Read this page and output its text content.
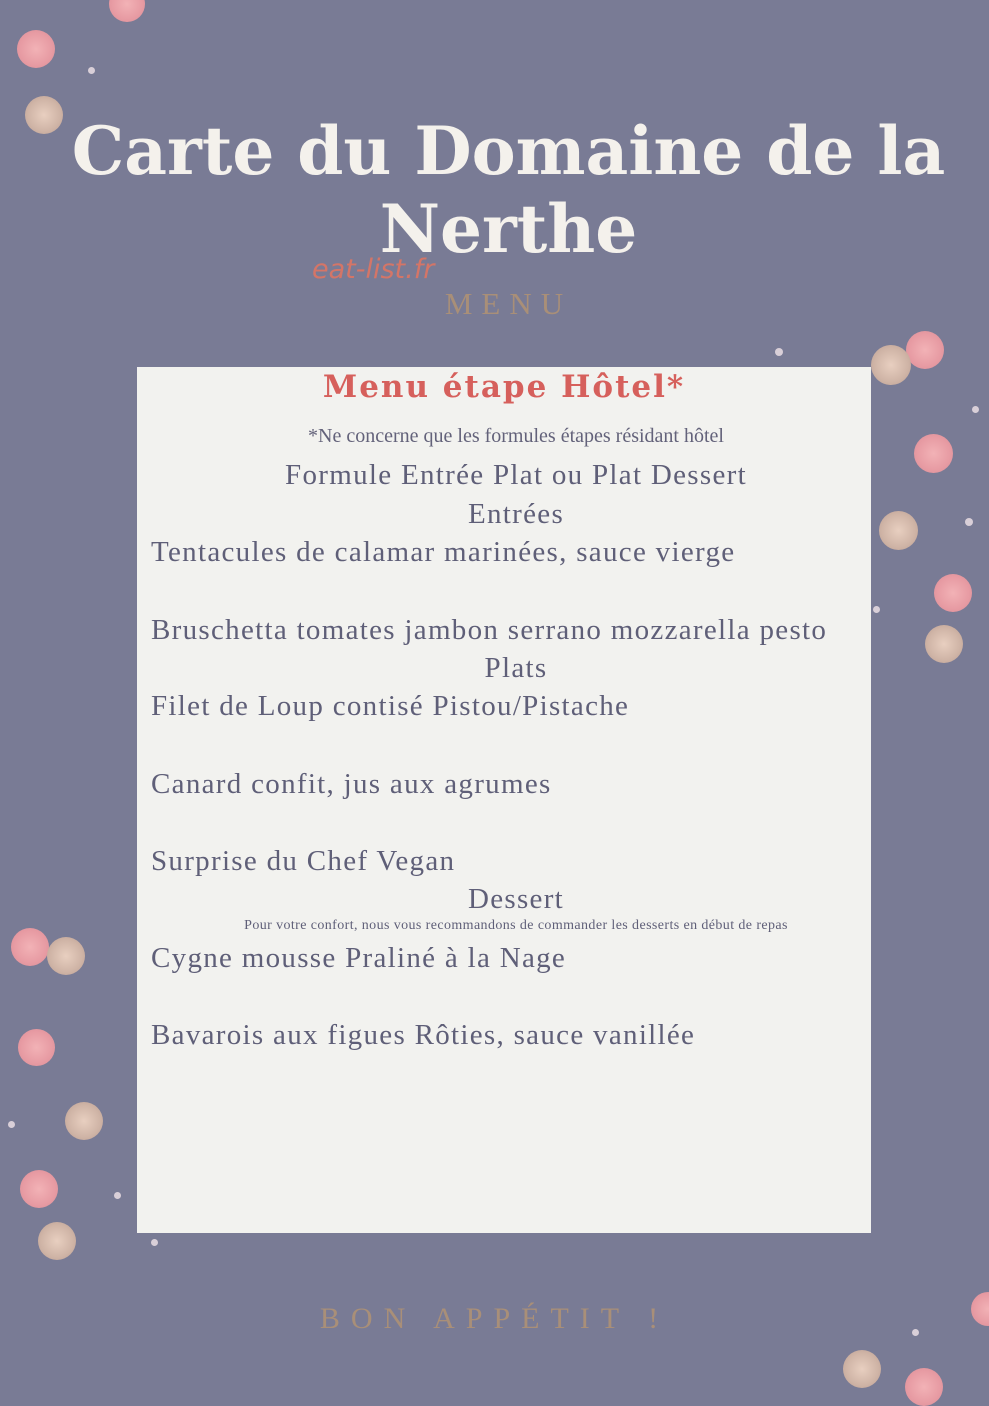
Carte du Domaine de la Nerthe
eat-list.fr
MENU
Menu étape Hôtel*
*Ne concerne que les formules étapes résidant hôtel
Formule Entrée Plat ou Plat Dessert
Entrées
Tentacules de calamar marinées, sauce vierge
Bruschetta tomates jambon serrano mozzarella pesto
Plats
Filet de Loup contisé Pistou/Pistache
Canard confit, jus aux agrumes
Surprise du Chef Vegan
Dessert
Pour votre confort, nous vous recommandons de commander les desserts en début de repas
Cygne mousse Praliné à la Nage
Bavarois aux figues Rôties, sauce vanillée
BON APPÉTIT !
